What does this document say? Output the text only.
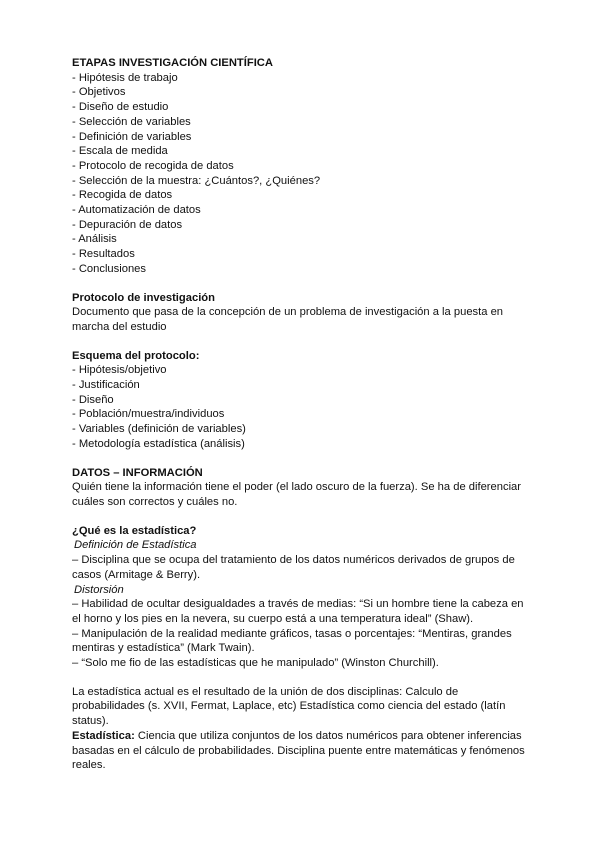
ETAPAS INVESTIGACIÓN CIENTÍFICA

- Hipótesis de trabajo
- Objetivos
- Diseño de estudio
- Selección de variables
- Definición de variables
- Escala de medida
- Protocolo de recogida de datos
- Selección de la muestra: ¿Cuántos?, ¿Quiénes?
- Recogida de datos
- Automatización de datos
- Depuración de datos
- Análisis
- Resultados
- Conclusiones

Protocolo de investigación

Documento que pasa de la concepción de un problema de investigación a la puesta en marcha del estudio

Esquema del protocolo:

- Hipótesis/objetivo
- Justificación
- Diseño
- Población/muestra/individuos
- Variables (definición de variables)
- Metodología estadística (análisis)

DATOS – INFORMACIÓN

Quién tiene la información tiene el poder (el lado oscuro de la fuerza). Se ha de diferenciar cuáles son correctos y cuáles no.

¿Qué es la estadística?

Definición de Estadística

– Disciplina que se ocupa del tratamiento de los datos numéricos derivados de grupos de casos (Armitage & Berry).

Distorsión

– Habilidad de ocultar desigualdades a través de medias: “Si un hombre tiene la cabeza en el horno y los pies en la nevera, su cuerpo está a una temperatura ideal” (Shaw).

– Manipulación de la realidad mediante gráficos, tasas o porcentajes: “Mentiras, grandes mentiras y estadística” (Mark Twain).

– “Solo me fio de las estadísticas que he manipulado” (Winston Churchill).

La estadística actual es el resultado de la unión de dos disciplinas: Calculo de probabilidades (s. XVII, Fermat, Laplace, etc) Estadística como ciencia del estado (latín status).

Estadística: Ciencia que utiliza conjuntos de los datos numéricos para obtener inferencias basadas en el cálculo de probabilidades. Disciplina puente entre matemáticas y fenómenos reales.
